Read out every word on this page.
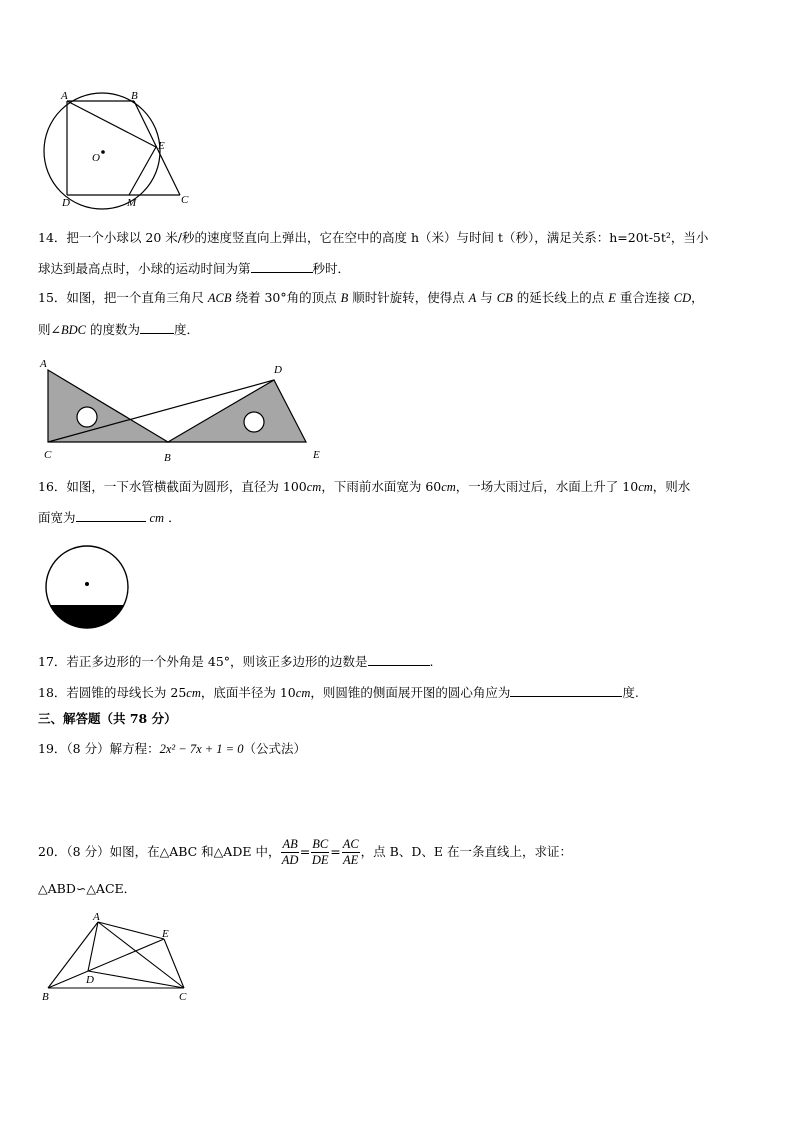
A	B
E
O
D	M	C
14．把一个小球以 20 米/秒的速度竖直向上弹出，它在空中的高度 h（米）与时间 t（秒），满足关系：h=20t-5t²，当小
球达到最高点时，小球的运动时间为第	秒时．
15．如图，把一个直角三角尺 ACB 绕着 30°角的顶点 B 顺时针旋转，使得点 A 与 CB 的延长线上的点 E 重合连接 CD，
则∠BDC 的度数为	度．
A	D
C	B	E
16．如图，一下水管横截面为圆形，直径为 100cm，下雨前水面宽为 60cm，一场大雨过后，水面上升了 10cm，则水
面宽为	cm ．
17．若正多边形的一个外角是 45°，则该正多边形的边数是	.
18．若圆锥的母线长为 25cm，底面半径为 10cm，则圆锥的侧面展开图的圆心角应为	度.
三、解答题（共 78 分）
19．（8 分）解方程：2x² − 7x + 1 = 0（公式法）
20．（8 分）如图，在△ABC 和△ADE 中， $\frac{AB}{AD} = \frac{BC}{DE} = \frac{AC}{AE}$ ，点 B、D、E 在一条直线上，求证：
△ABD∽△ACE．
A
E
D
B	C
